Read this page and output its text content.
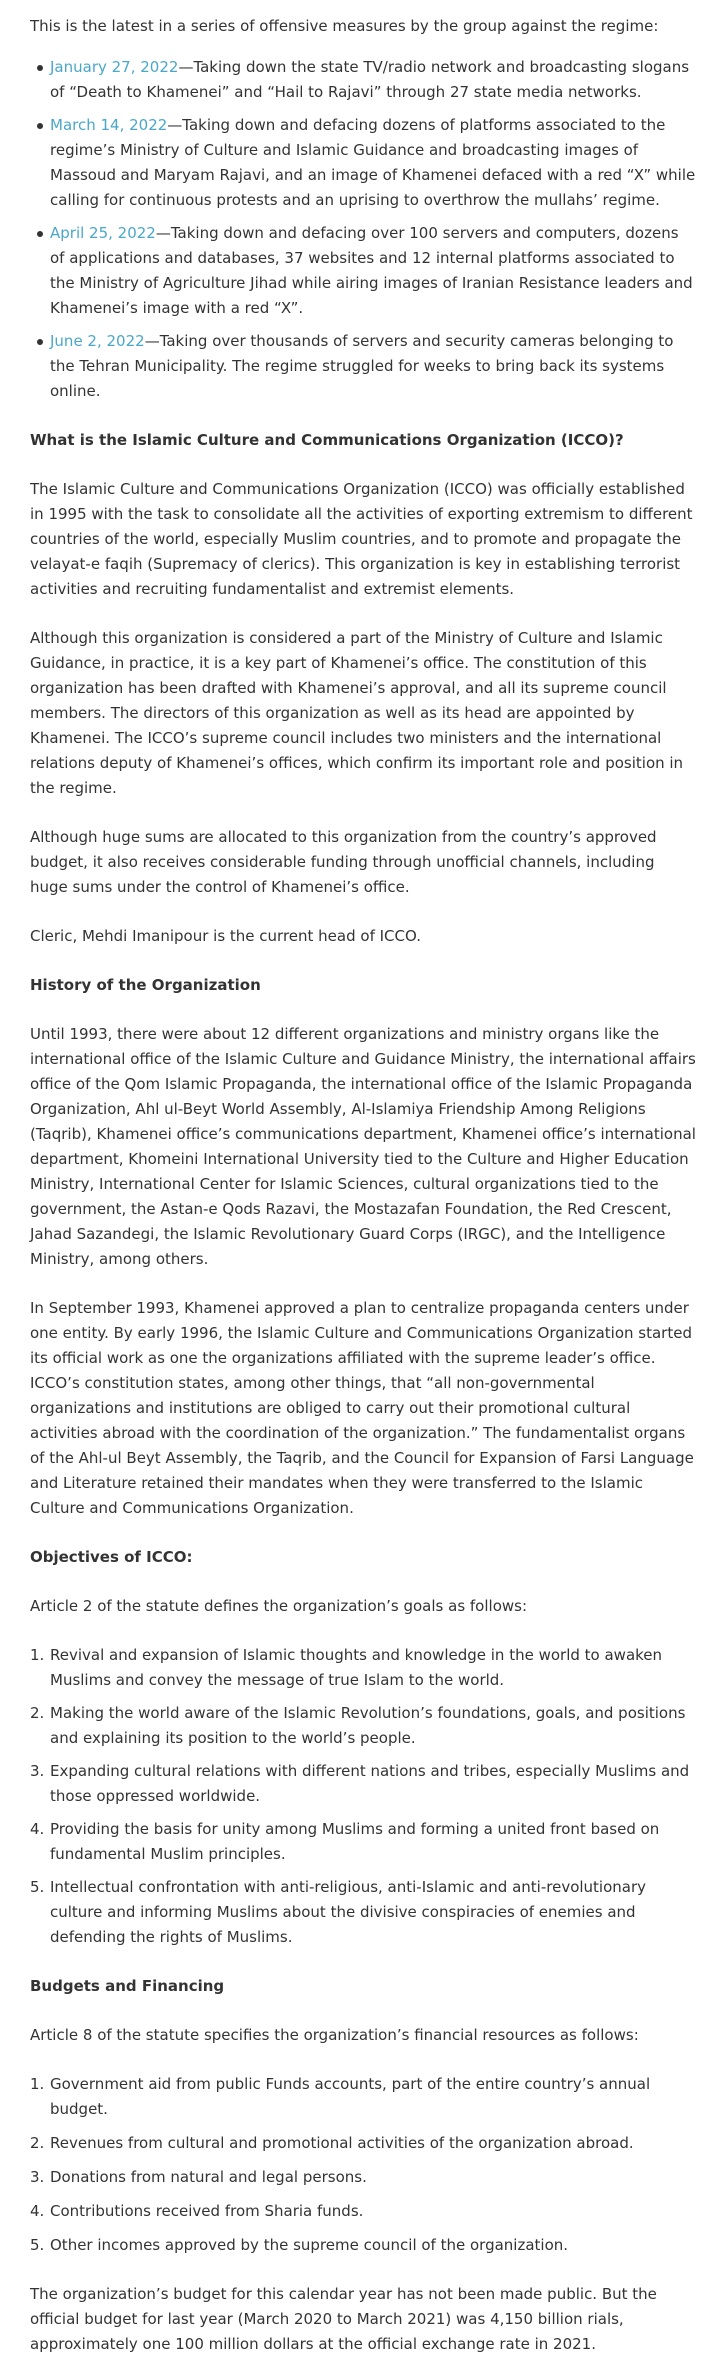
This is the latest in a series of offensive measures by the group against the regime:

January 27, 2022—Taking down the state TV/radio network and broadcasting slogans of “Death to Khamenei” and “Hail to Rajavi” through 27 state media networks.
March 14, 2022—Taking down and defacing dozens of platforms associated to the regime’s Ministry of Culture and Islamic Guidance and broadcasting images of Massoud and Maryam Rajavi, and an image of Khamenei defaced with a red “X” while calling for continuous protests and an uprising to overthrow the mullahs’ regime.
April 25, 2022—Taking down and defacing over 100 servers and computers, dozens of applications and databases, 37 websites and 12 internal platforms associated to the Ministry of Agriculture Jihad while airing images of Iranian Resistance leaders and Khamenei’s image with a red “X”.
June 2, 2022—Taking over thousands of servers and security cameras belonging to the Tehran Municipality. The regime struggled for weeks to bring back its systems online.
What is the Islamic Culture and Communications Organization (ICCO)?

The Islamic Culture and Communications Organization (ICCO) was officially established in 1995 with the task to consolidate all the activities of exporting extremism to different countries of the world, especially Muslim countries, and to promote and propagate the velayat-e faqih (Supremacy of clerics). This organization is key in establishing terrorist activities and recruiting fundamentalist and extremist elements.

Although this organization is considered a part of the Ministry of Culture and Islamic Guidance, in practice, it is a key part of Khamenei’s office. The constitution of this organization has been drafted with Khamenei’s approval, and all its supreme council members. The directors of this organization as well as its head are appointed by Khamenei. The ICCO’s supreme council includes two ministers and the international relations deputy of Khamenei’s offices, which confirm its important role and position in the regime.

Although huge sums are allocated to this organization from the country’s approved budget, it also receives considerable funding through unofficial channels, including huge sums under the control of Khamenei’s office.

Cleric, Mehdi Imanipour is the current head of ICCO.

History of the Organization

Until 1993, there were about 12 different organizations and ministry organs like the international office of the Islamic Culture and Guidance Ministry, the international affairs office of the Qom Islamic Propaganda, the international office of the Islamic Propaganda Organization, Ahl ul-Beyt World Assembly, Al-Islamiya Friendship Among Religions (Taqrib), Khamenei office’s communications department, Khamenei office’s international department, Khomeini International University tied to the Culture and Higher Education Ministry, International Center for Islamic Sciences, cultural organizations tied to the government, the Astan-e Qods Razavi, the Mostazafan Foundation, the Red Crescent, Jahad Sazandegi, the Islamic Revolutionary Guard Corps (IRGC), and the Intelligence Ministry, among others.

In September 1993, Khamenei approved a plan to centralize propaganda centers under one entity. By early 1996, the Islamic Culture and Communications Organization started its official work as one the organizations affiliated with the supreme leader’s office. ICCO’s constitution states, among other things, that “all non-governmental organizations and institutions are obliged to carry out their promotional cultural activities abroad with the coordination of the organization.” The fundamentalist organs of the Ahl-ul Beyt Assembly, the Taqrib, and the Council for Expansion of Farsi Language and Literature retained their mandates when they were transferred to the Islamic Culture and Communications Organization.

Objectives of ICCO:

Article 2 of the statute defines the organization’s goals as follows:

1. Revival and expansion of Islamic thoughts and knowledge in the world to awaken Muslims and convey the message of true Islam to the world.
2. Making the world aware of the Islamic Revolution’s foundations, goals, and positions and explaining its position to the world’s people.
3. Expanding cultural relations with different nations and tribes, especially Muslims and those oppressed worldwide.
4. Providing the basis for unity among Muslims and forming a united front based on fundamental Muslim principles.
5. Intellectual confrontation with anti-religious, anti-Islamic and anti-revolutionary culture and informing Muslims about the divisive conspiracies of enemies and defending the rights of Muslims.
Budgets and Financing

Article 8 of the statute specifies the organization’s financial resources as follows:

1. Government aid from public Funds accounts, part of the entire country’s annual budget.
2. Revenues from cultural and promotional activities of the organization abroad.
3. Donations from natural and legal persons.
4. Contributions received from Sharia funds.
5. Other incomes approved by the supreme council of the organization.

The organization’s budget for this calendar year has not been made public. But the official budget for last year (March 2020 to March 2021) was 4,150 billion rials, approximately one 100 million dollars at the official exchange rate in 2021.
